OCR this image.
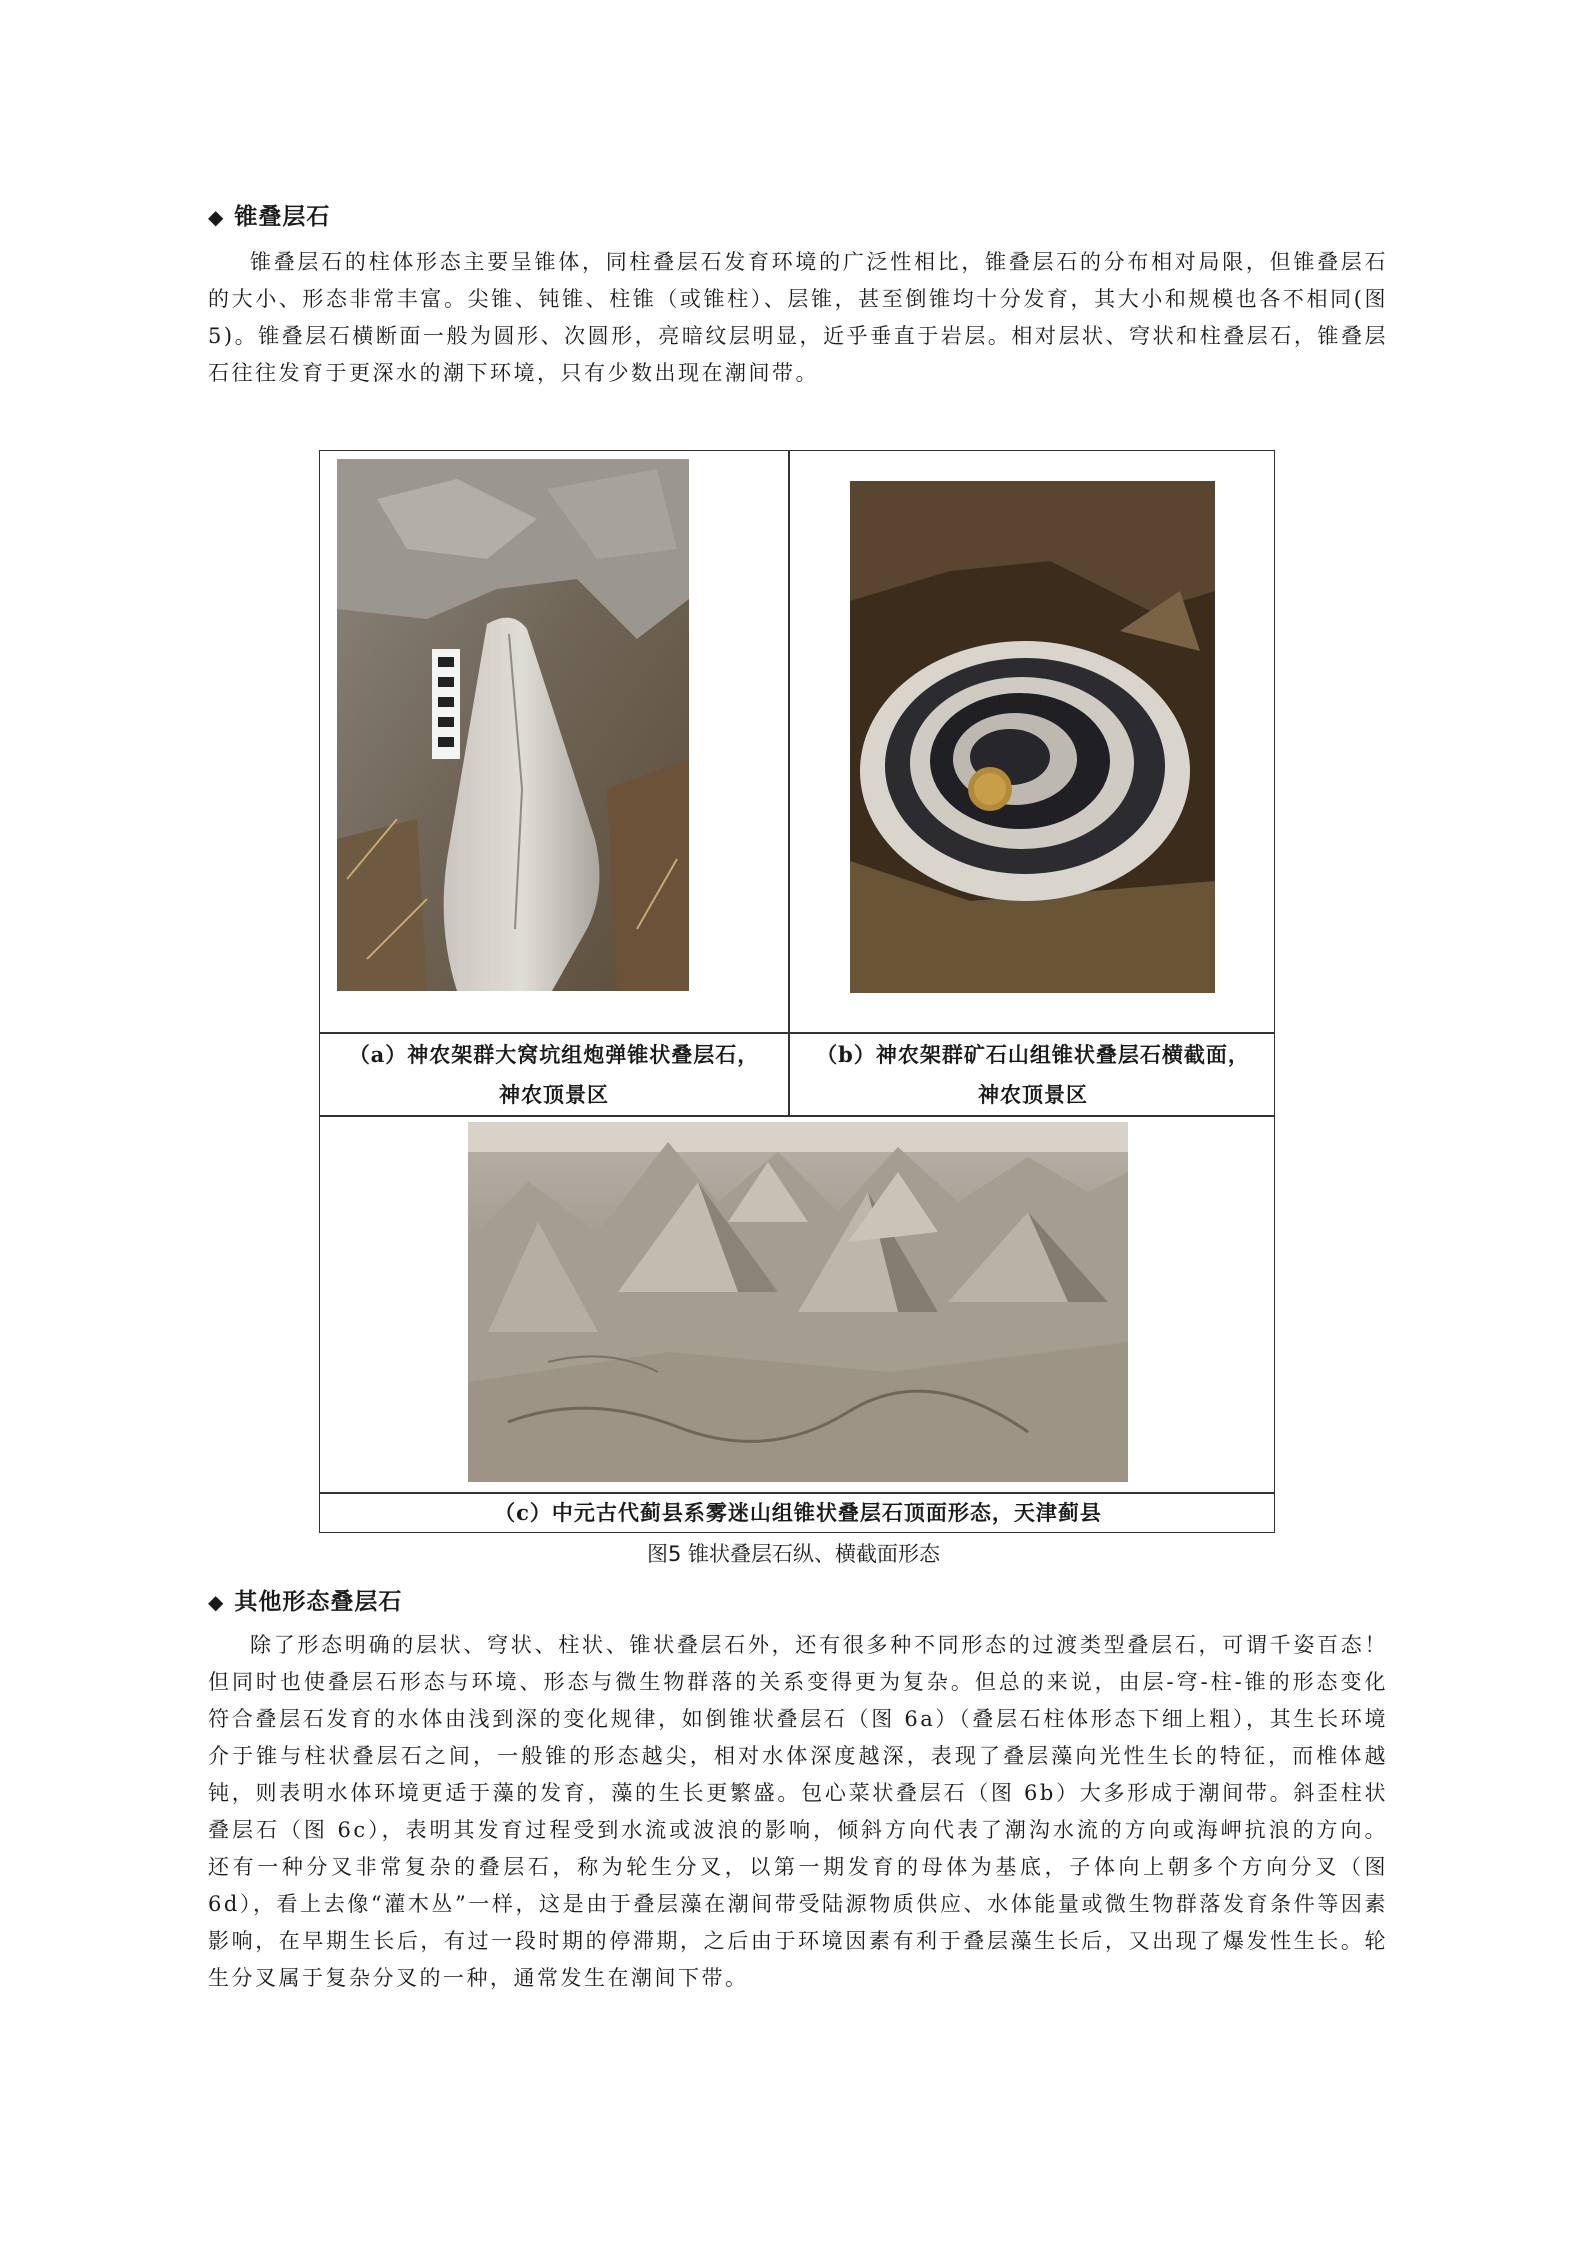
◆ 锥叠层石

锥叠层石的柱体形态主要呈锥体，同柱叠层石发育环境的广泛性相比，锥叠层石的分布相对局限，但锥叠层石的大小、形态非常丰富。尖锥、钝锥、柱锥（或锥柱）、层锥，甚至倒锥均十分发育，其大小和规模也各不相同(图 5)。锥叠层石横断面一般为圆形、次圆形，亮暗纹层明显，近乎垂直于岩层。相对层状、穹状和柱叠层石，锥叠层石往往发育于更深水的潮下环境，只有少数出现在潮间带。

（a）神农架群大窝坑组炮弹锥状叠层石，
神农顶景区
（b）神农架群矿石山组锥状叠层石横截面，
神农顶景区
（c）中元古代蓟县系雾迷山组锥状叠层石顶面形态，天津蓟县
图5 锥状叠层石纵、横截面形态
◆ 其他形态叠层石

除了形态明确的层状、穹状、柱状、锥状叠层石外，还有很多种不同形态的过渡类型叠层石，可谓千姿百态！但同时也使叠层石形态与环境、形态与微生物群落的关系变得更为复杂。但总的来说，由层-穹-柱-锥的形态变化符合叠层石发育的水体由浅到深的变化规律，如倒锥状叠层石（图 6a）（叠层石柱体形态下细上粗），其生长环境介于锥与柱状叠层石之间，一般锥的形态越尖，相对水体深度越深，表现了叠层藻向光性生长的特征，而椎体越钝，则表明水体环境更适于藻的发育，藻的生长更繁盛。包心菜状叠层石（图 6b）大多形成于潮间带。斜歪柱状叠层石（图 6c），表明其发育过程受到水流或波浪的影响，倾斜方向代表了潮沟水流的方向或海岬抗浪的方向。还有一种分叉非常复杂的叠层石，称为轮生分叉，以第一期发育的母体为基底，子体向上朝多个方向分叉（图 6d），看上去像“灌木丛”一样，这是由于叠层藻在潮间带受陆源物质供应、水体能量或微生物群落发育条件等因素影响，在早期生长后，有过一段时期的停滞期，之后由于环境因素有利于叠层藻生长后，又出现了爆发性生长。轮生分叉属于复杂分叉的一种，通常发生在潮间下带。
